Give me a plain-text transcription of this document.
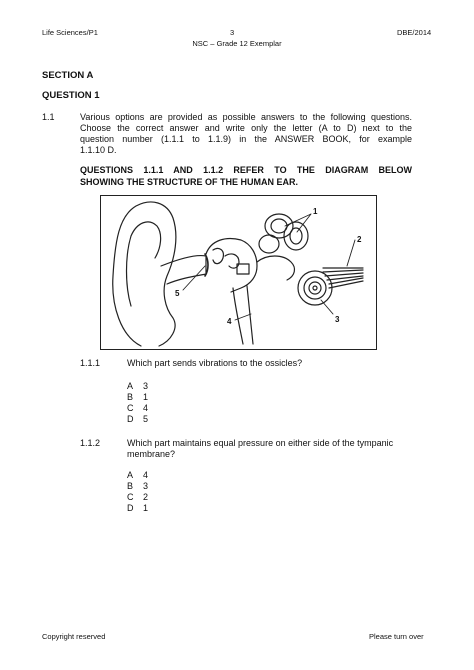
Life Sciences/P1	3	DBE/2014
NSC – Grade 12 Exemplar
SECTION A
QUESTION 1
1.1	Various options are provided as possible answers to the following questions.
Choose the correct answer and write only the letter (A to D) next to the
question number (1.1.1 to 1.1.9) in the ANSWER BOOK, for example
1.1.10 D.
QUESTIONS 1.1.1 AND 1.1.2 REFER TO THE DIAGRAM BELOW
SHOWING THE STRUCTURE OF THE HUMAN EAR.
1
2
3
4
5
1.1.1	Which part sends vibrations to the ossicles?
A 3
B 1
C 4
D 5
1.1.2	Which part maintains equal pressure on either side of the tympanic
membrane?
A 4
B 3
C 2
D 1
Copyright reserved	Please turn over
